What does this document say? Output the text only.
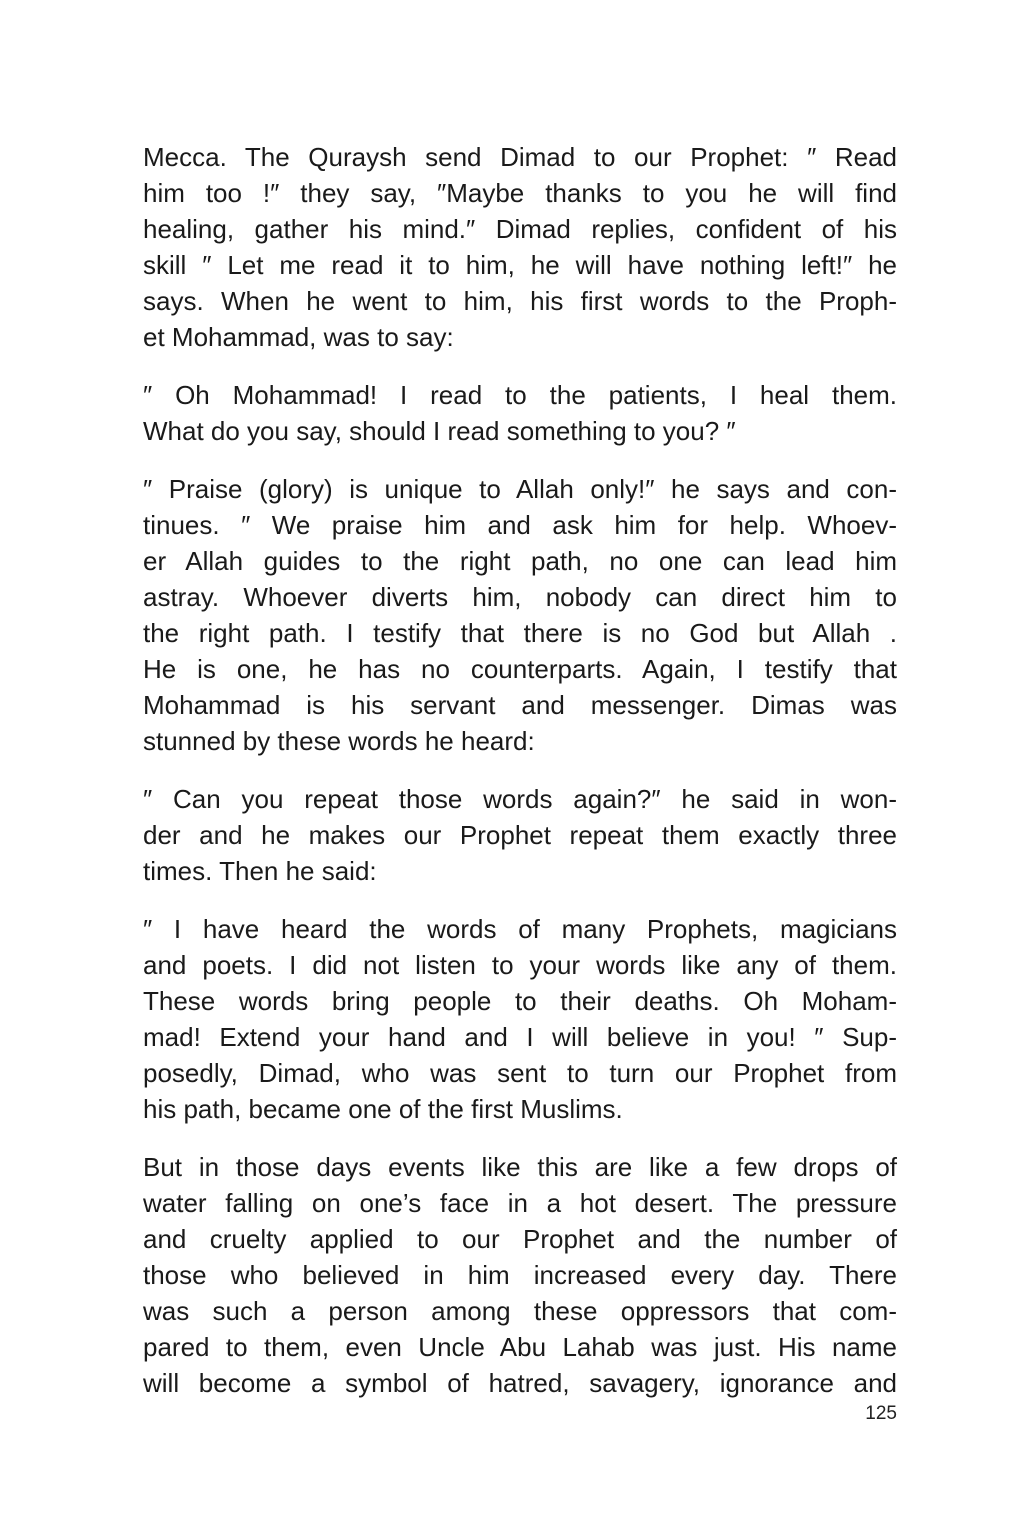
Mecca. The Quraysh send Dimad to our Prophet: ″ Read
him too !″ they say, ″Maybe thanks to you he will find
healing, gather his mind.″ Dimad replies, confident of his
skill ″ Let me read it to him, he will have nothing left!″ he
says. When he went to him, his first words to the Proph-
et Mohammad, was to say:
″ Oh Mohammad! I read to the patients, I heal them.
What do you say, should I read something to you? ″
″ Praise (glory) is unique to Allah only!″ he says and con-
tinues. ″ We praise him and ask him for help. Whoev-
er Allah guides to the right path, no one can lead him
astray. Whoever diverts him, nobody can direct him to
the right path. I testify that there is no God but Allah .
He is one, he has no counterparts. Again, I testify that
Mohammad is his servant and messenger. Dimas was
stunned by these words he heard:
″ Can you repeat those words again?″ he said in won-
der and he makes our Prophet repeat them exactly three
times. Then he said:
″ I have heard the words of many Prophets, magicians
and poets. I did not listen to your words like any of them.
These words bring people to their deaths. Oh Moham-
mad! Extend your hand and I will believe in you! ″ Sup-
posedly, Dimad, who was sent to turn our Prophet from
his path, became one of the first Muslims.
But in those days events like this are like a few drops of
water falling on one’s face in a hot desert. The pressure
and cruelty applied to our Prophet and the number of
those who believed in him increased every day. There
was such a person among these oppressors that com-
pared to them, even Uncle Abu Lahab was just. His name
will become a symbol of hatred, savagery, ignorance and
125
